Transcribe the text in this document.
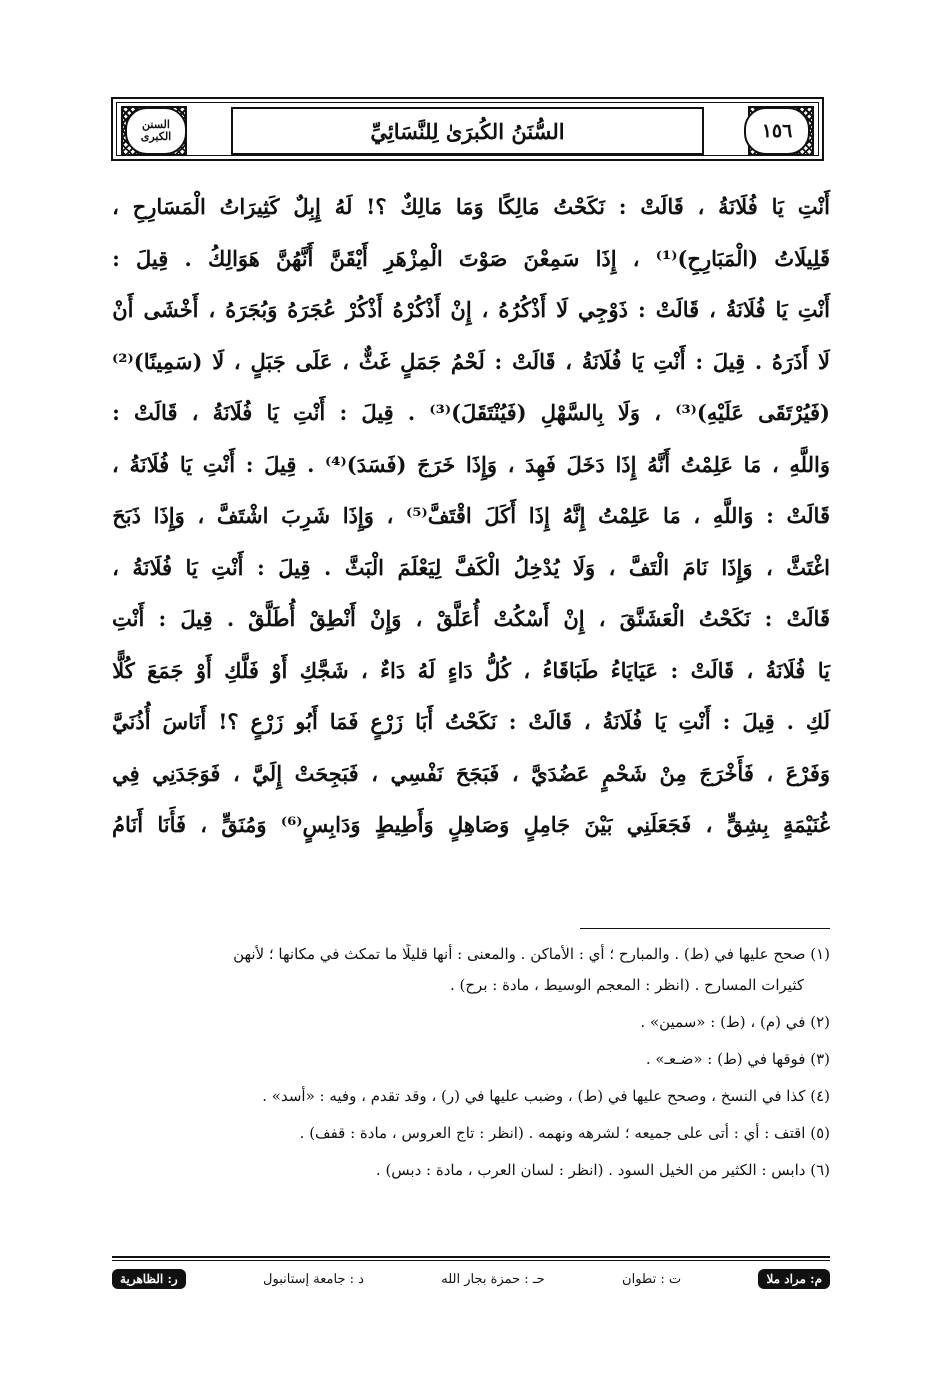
السنن الكبرى	السُّنَنُ الكُبرَىٰ لِلنَّسَائِيِّ	١٥٦
أَنْتِ
يَا
فُلَانَةُ
،
قَالَتْ
:
نَكَحْتُ
مَالِكًا
وَمَا
مَالِكٌ
؟!
لَهُ
إِبِلٌ
كَثِيرَاتُ
الْمَسَارِحِ
،
قَلِيلَاتُ
(الْمَبَارِحِ)⁽¹⁾
،
إِذَا
سَمِعْنَ
صَوْتَ
الْمِزْهَرِ
أَيْقَنَّ
أَنَّهُنَّ
هَوَالِكُ
.
قِيلَ
:
أَنْتِ
يَا
فُلَانَةُ
،
قَالَتْ
:
ذَوْجِي
لَا
أَذْكُرُهُ
،
إِنْ
أَذْكُرْهُ
أَذْكُرْ
عُجَرَهُ
وَبُجَرَهُ
،
أَخْشَى
أَنْ
لَا
أَذَرَهُ
.
قِيلَ
:
أَنْتِ
يَا
فُلَانَةُ
،
قَالَتْ
:
لَحْمُ
جَمَلٍ
غَثٌّ
،
عَلَى
جَبَلٍ
،
لَا
(سَمِينًا)⁽²⁾
(فَيُرْتَقَى
عَلَيْهِ)⁽³⁾
،
وَلَا
بِالسَّهْلِ
(فَيُنْتَقَلَ)⁽³⁾
.
قِيلَ
:
أَنْتِ
يَا
فُلَانَةُ
،
قَالَتْ
:
وَاللَّهِ
،
مَا
عَلِمْتُ
أَنَّهُ
إِذَا
دَخَلَ
فَهِدَ
،
وَإِذَا
خَرَجَ
(فَسَدَ)⁽⁴⁾
.
قِيلَ
:
أَنْتِ
يَا
فُلَانَةُ
،
قَالَتْ
:
وَاللَّهِ
،
مَا
عَلِمْتُ
إِنَّهُ
إِذَا
أَكَلَ
اقْتَفَّ⁽⁵⁾
،
وَإِذَا
شَرِبَ
اشْتَفَّ
،
وَإِذَا
ذَبَحَ
اغْتَثَّ
،
وَإِذَا
نَامَ
الْتَفَّ
،
وَلَا
يُدْخِلُ
الْكَفَّ
لِيَعْلَمَ
الْبَثَّ
.
قِيلَ
:
أَنْتِ
يَا
فُلَانَةُ
،
قَالَتْ
:
نَكَحْتُ
الْعَشَنَّقَ
،
إِنْ
أَسْكُتْ
أُعَلَّقْ
،
وَإِنْ
أَنْطِقْ
أُطَلَّقْ
.
قِيلَ
:
أَنْتِ
يَا
فُلَانَةُ
،
قَالَتْ
:
عَيَايَاءُ
طَبَاقَاءُ
،
كُلُّ
دَاءٍ
لَهُ
دَاءٌ
،
شَجَّكِ
أَوْ
فَلَّكِ
أَوْ
جَمَعَ
كُلًّا
لَكِ
.
قِيلَ
:
أَنْتِ
يَا
فُلَانَةُ
،
قَالَتْ
:
نَكَحْتُ
أَبَا
زَرْعٍ
فَمَا
أَبُو
زَرْعٍ
؟!
أَنَاسَ
أُذُنَيَّ
وَفَرْعَ
،
فَأَخْرَجَ
مِنْ
شَحْمٍ
عَضُدَيَّ
،
فَبَجَحَ
نَفْسِي
،
فَبَجِحَتْ
إِلَيَّ
،
فَوَجَدَنِي
فِي
غُنَيْمَةٍ
بِشِقٍّ
،
فَجَعَلَنِي
بَيْنَ
جَامِلٍ
وَصَاهِلٍ
وَأَطِيطٍ
وَدَابِسٍ⁽⁶⁾
وَمُنَقٍّ
،
فَأَنَا
أَنَامُ
(١) صحح عليها في (ط) . والمبارح ؛ أي : الأماكن . والمعنى : أنها قليلًا ما تمكث في مكانها ؛ لأنهن
كثيرات المسارح . (انظر : المعجم الوسيط ، مادة : برح) .
(٢) في (م) ، (ط) : «سمين» .
(٣) فوقها في (ط) : «ضـعـ» .
(٤) كذا في النسخ ، وصحح عليها في (ط) ، وضبب عليها في (ر) ، وقد تقدم ، وفيه : «أسد» .
(٥) اقتف : أي : أتى على جميعه ؛ لشرهه ونهمه . (انظر : تاج العروس ، مادة : قفف) .
(٦) دابس : الكثير من الخيل السود . (انظر : لسان العرب ، مادة : دبس) .
م: مراد ملا
ت : تطوان
حـ : حمزة بجار الله
د : جامعة إستانبول
ر: الظاهرية
